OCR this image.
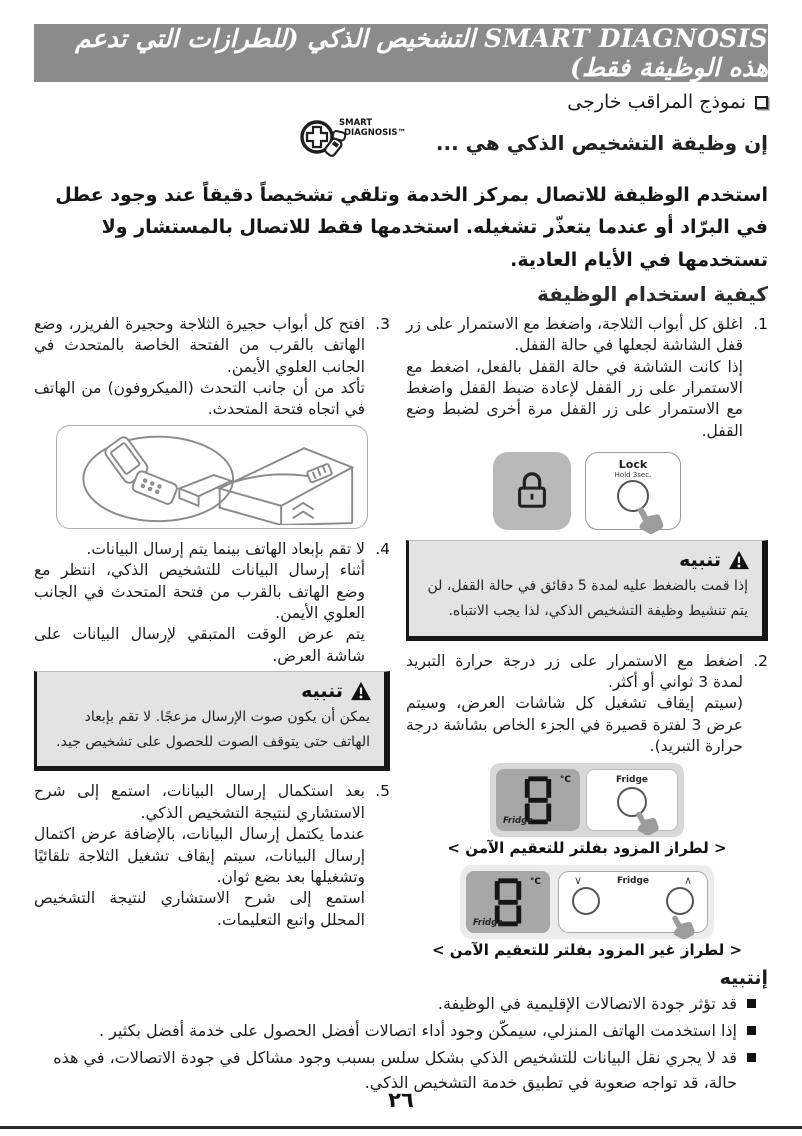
SMART DIAGNOSIS التشخيص الذكي (للطرازات التي تدعم هذه الوظيفة فقط)
نموذج المراقب خارجى
إن وظيفة التشخيص الذكي هي ...
SMART
DIAGNOSIS™

استخدم الوظيفة للاتصال بمركز الخدمة وتلقي تشخيصاً دقيقاً عند وجود عطل في البرّاد أو عندما يتعذّر تشغيله. استخدمها فقط للاتصال بالمستشار ولا تستخدمها في الأيام العادية.

كيفية استخدام الوظيفة
1.

اغلق كل أبواب الثلاجة، واضغط مع الاستمرار على زر قفل الشاشة لجعلها في حالة القفل.

إذا كانت الشاشة في حالة القفل بالفعل، اضغط مع الاستمرار على زر القفل لإعادة ضبط القفل واضغط مع الاستمرار على زر القفل مرة أخرى لضبط وضع القفل.

Lock
Hold 3sec.
تنبيه
إذا قمت بالضغط عليه لمدة 5 دقائق في حالة القفل، لن يتم تنشيط وظيفة التشخيص الذكي، لذا يجب الانتباه.
2.

اضغط مع الاستمرار على زر درجة حرارة التبريد لمدة 3 ثواني أو أكثر.

(سيتم إيقاف تشغيل كل شاشات العرض، وسيتم عرض 3 لفترة قصيرة في الجزء الخاص بشاشة درجة حرارة التبريد).

°C
Fridge
Fridge
< لطراز المزود بفلتر للتعقيم الآمن >
°C
Fridge
∨	Fridge	∧
< لطراز غير المزود بفلتر للتعقيم الآمن >
3.

افتح كل أبواب حجيرة الثلاجة وحجيرة الفريزر، وضع الهاتف بالقرب من الفتحة الخاصة بالمتحدث في الجانب العلوي الأيمن.

تأكد من أن جانب التحدث (الميكروفون) من الهاتف في اتجاه فتحة المتحدث.

4.

لا تقم بإبعاد الهاتف بينما يتم إرسال البيانات.

أثناء إرسال البيانات للتشخيص الذكي، انتظر مع وضع الهاتف بالقرب من فتحة المتحدث في الجانب العلوي الأيمن.

يتم عرض الوقت المتبقي لإرسال البيانات على شاشة العرض.

تنبيه
يمكن أن يكون صوت الإرسال مزعجًا. لا تقم بإبعاد الهاتف حتى يتوقف الصوت للحصول على تشخيص جيد.
5.

بعد استكمال إرسال البيانات، استمع إلى شرح الاستشاري لنتيجة التشخيص الذكي.

عندما يكتمل إرسال البيانات، بالإضافة عرض اكتمال إرسال البيانات، سيتم إيقاف تشغيل الثلاجة تلقائيًا وتشغيلها بعد بضع ثوان.

استمع إلى شرح الاستشاري لنتيجة التشخيص المحلل واتبع التعليمات.

إنتبيه
قد تؤثر جودة الاتصالات الإقليمية في الوظيفة.
إذا استخدمت الهاتف المنزلي، سيمكّن وجود أداء اتصالات أفضل الحصول على خدمة أفضل بكثير .
قد لا يجري نقل البيانات للتشخيص الذكي بشكل سلس بسبب وجود مشاكل في جودة الاتصالات، في هذه حالة، قد تواجه صعوبة في تطبيق خدمة التشخيص الذكي.
٢٦
